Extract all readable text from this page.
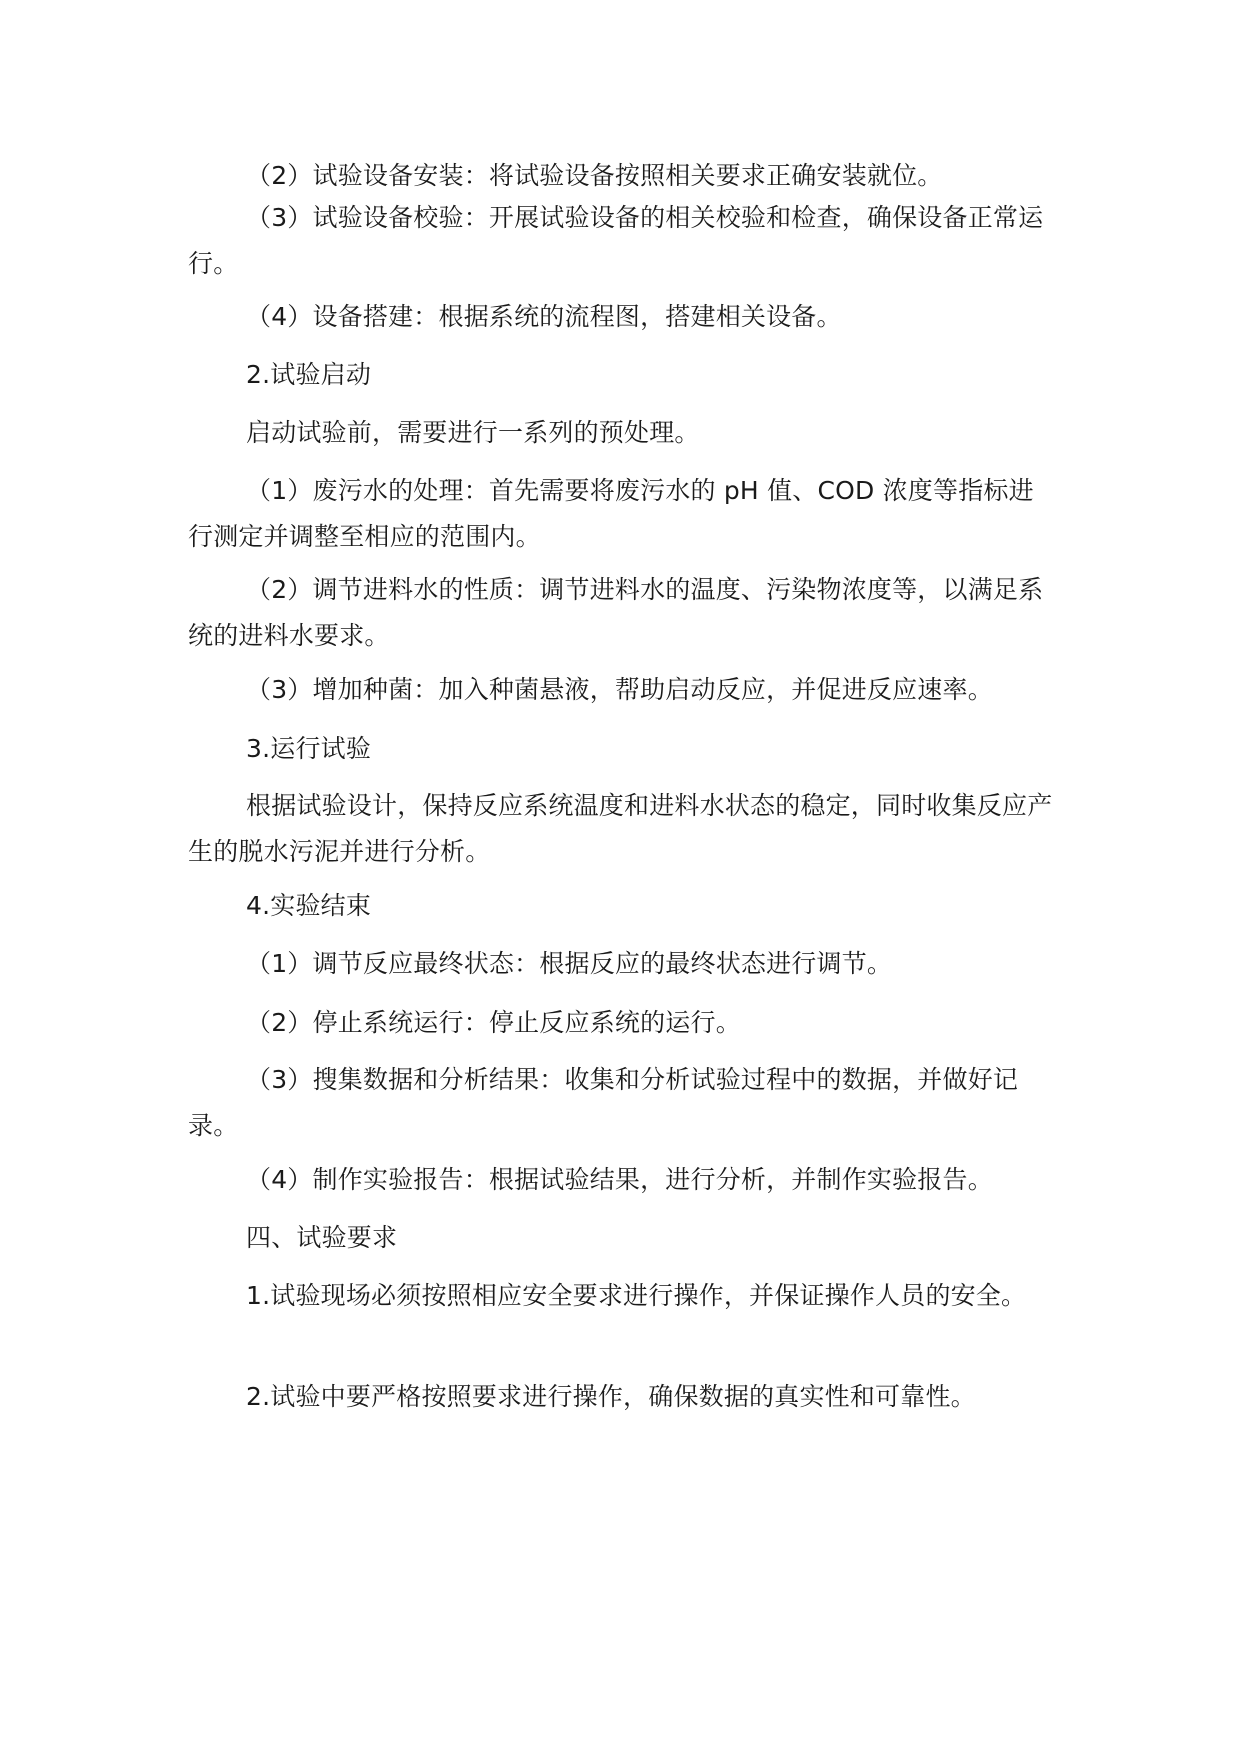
（2）试验设备安装：将试验设备按照相关要求正确安装就位。

（3）试验设备校验：开展试验设备的相关校验和检查，确保设备正常运行。

（4）设备搭建：根据系统的流程图，搭建相关设备。

2.试验启动

启动试验前，需要进行一系列的预处理。

（1）废污水的处理：首先需要将废污水的 pH 值、COD 浓度等指标进行测定并调整至相应的范围内。

（2）调节进料水的性质：调节进料水的温度、污染物浓度等，以满足系统的进料水要求。

（3）增加种菌：加入种菌悬液，帮助启动反应，并促进反应速率。

3.运行试验

根据试验设计，保持反应系统温度和进料水状态的稳定，同时收集反应产生的脱水污泥并进行分析。

4.实验结束

（1）调节反应最终状态：根据反应的最终状态进行调节。

（2）停止系统运行：停止反应系统的运行。

（3）搜集数据和分析结果：收集和分析试验过程中的数据，并做好记录。

（4）制作实验报告：根据试验结果，进行分析，并制作实验报告。

四、试验要求

1.试验现场必须按照相应安全要求进行操作，并保证操作人员的安全。

2.试验中要严格按照要求进行操作，确保数据的真实性和可靠性。
